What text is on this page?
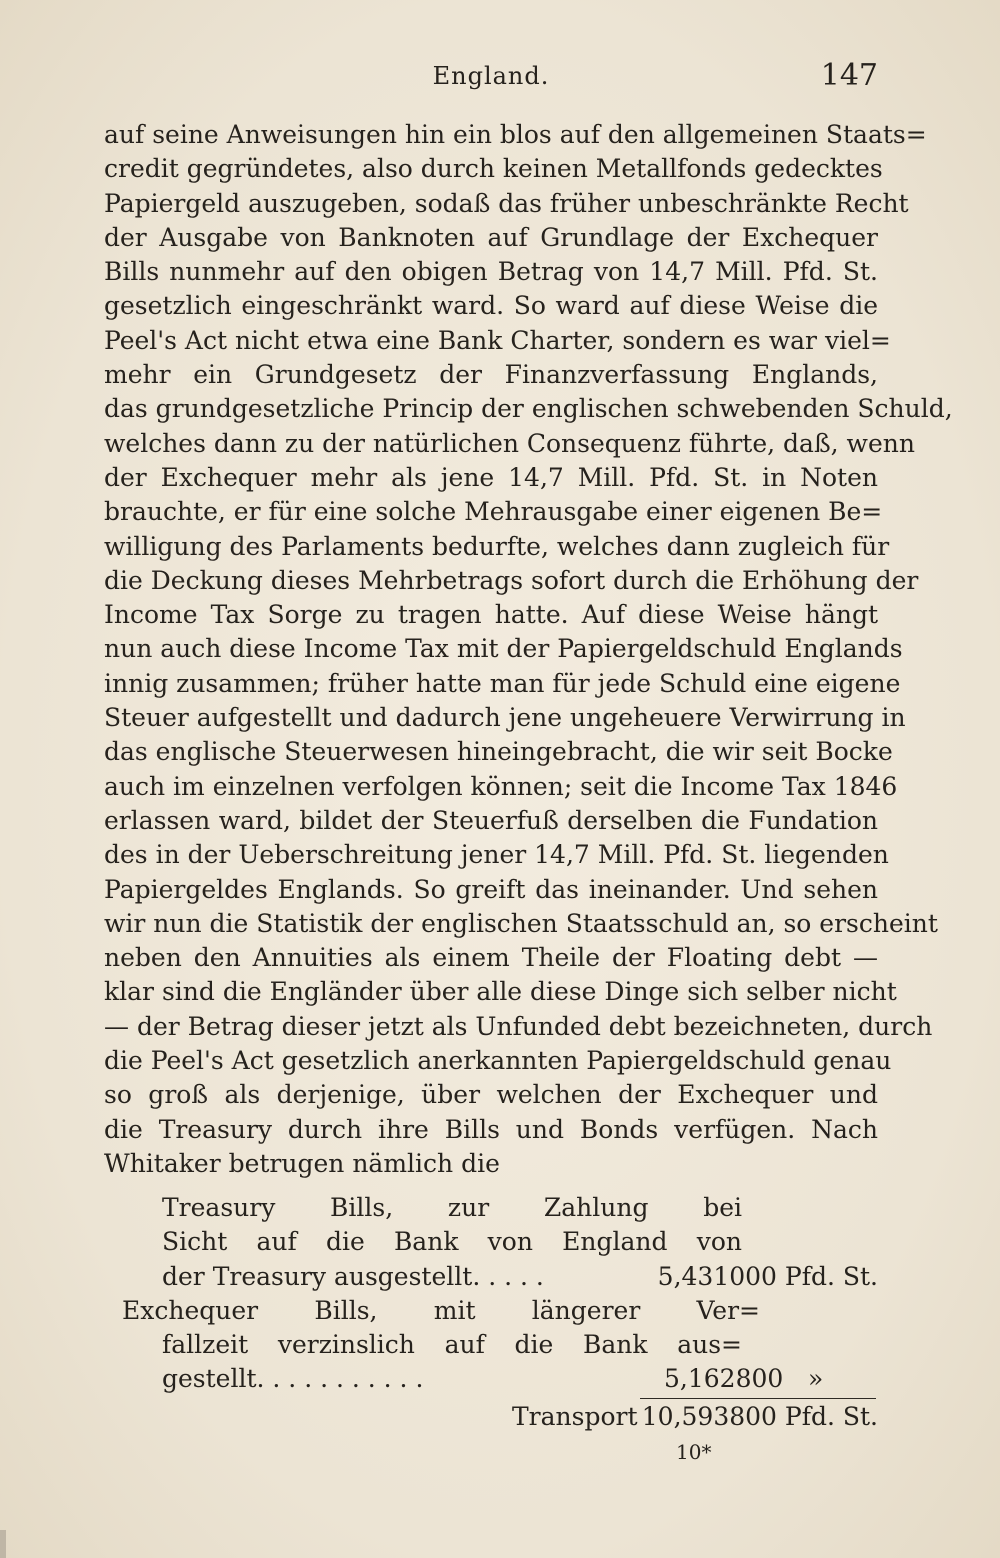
England.	147
auf seine Anweisungen hin ein blos auf den allgemeinen Staats=
credit gegründetes, also durch keinen Metallfonds gedecktes
Papiergeld auszugeben, sodaß das früher unbeschränkte Recht
der Ausgabe von Banknoten auf Grundlage der Exchequer
Bills nunmehr auf den obigen Betrag von 14,7 Mill. Pfd. St.
gesetzlich eingeschränkt ward. So ward auf diese Weise die
Peel's Act nicht etwa eine Bank Charter, sondern es war viel=
mehr ein Grundgesetz der Finanzverfassung Englands,
das grundgesetzliche Princip der englischen schwebenden Schuld,
welches dann zu der natürlichen Consequenz führte, daß, wenn
der Exchequer mehr als jene 14,7 Mill. Pfd. St. in Noten
brauchte, er für eine solche Mehrausgabe einer eigenen Be=
willigung des Parlaments bedurfte, welches dann zugleich für
die Deckung dieses Mehrbetrags sofort durch die Erhöhung der
Income Tax Sorge zu tragen hatte. Auf diese Weise hängt
nun auch diese Income Tax mit der Papiergeldschuld Englands
innig zusammen; früher hatte man für jede Schuld eine eigene
Steuer aufgestellt und dadurch jene ungeheuere Verwirrung in
das englische Steuerwesen hineingebracht, die wir seit Bocke
auch im einzelnen verfolgen können; seit die Income Tax 1846
erlassen ward, bildet der Steuerfuß derselben die Fundation
des in der Ueberschreitung jener 14,7 Mill. Pfd. St. liegenden
Papiergeldes Englands. So greift das ineinander. Und sehen
wir nun die Statistik der englischen Staatsschuld an, so erscheint
neben den Annuities als einem Theile der Floating debt —
klar sind die Engländer über alle diese Dinge sich selber nicht
— der Betrag dieser jetzt als Unfunded debt bezeichneten, durch
die Peel's Act gesetzlich anerkannten Papiergeldschuld genau
so groß als derjenige, über welchen der Exchequer und
die Treasury durch ihre Bills und Bonds verfügen. Nach
Whitaker betrugen nämlich die
Treasury Bills, zur Zahlung bei
Sicht auf die Bank von England von
der Treasury ausgestellt. . . . .	5,431000 Pfd. St.
Exchequer Bills, mit längerer Ver=
fallzeit verzinslich auf die Bank aus=
gestellt. . . . . . . . . . .	5,162800 »
Transport 10,593800 Pfd. St.
10*
